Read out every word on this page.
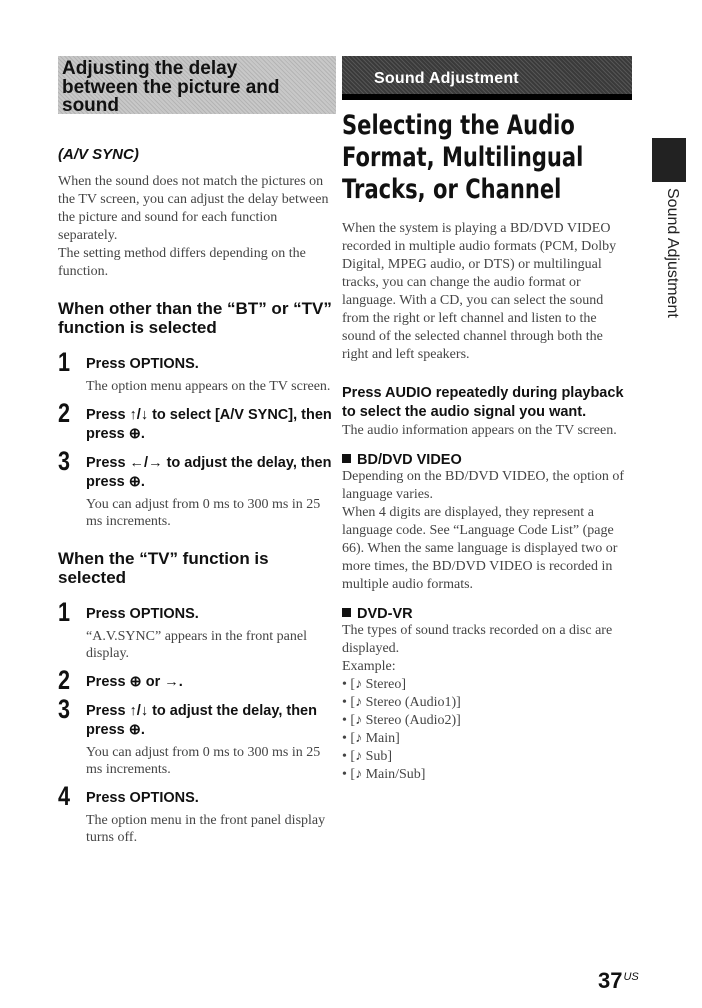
Adjusting the delay
between the picture and
sound
(A/V SYNC)
When the sound does not match the pictures on the TV screen, you can adjust the delay between the picture and sound for each function separately.
The setting method differs depending on the function.
When other than the “BT” or “TV” function is selected
1 Press OPTIONS.
The option menu appears on the TV screen.
2 Press ↑/↓ to select [A/V SYNC], then press ⊕.
3 Press ←/→ to adjust the delay, then press ⊕.
You can adjust from 0 ms to 300 ms in 25 ms increments.
When the “TV” function is selected
1 Press OPTIONS.
“A.V.SYNC” appears in the front panel display.
2 Press ⊕ or →.
3 Press ↑/↓ to adjust the delay, then press ⊕.
You can adjust from 0 ms to 300 ms in 25 ms increments.
4 Press OPTIONS.
The option menu in the front panel display turns off.
Sound Adjustment
Selecting the Audio Format, Multilingual Tracks, or Channel
When the system is playing a BD/DVD VIDEO recorded in multiple audio formats (PCM, Dolby Digital, MPEG audio, or DTS) or multilingual tracks, you can change the audio format or language. With a CD, you can select the sound from the right or left channel and listen to the sound of the selected channel through both the right and left speakers.
Press AUDIO repeatedly during playback to select the audio signal you want.
The audio information appears on the TV screen.
BD/DVD VIDEO
Depending on the BD/DVD VIDEO, the option of language varies.
When 4 digits are displayed, they represent a language code. See “Language Code List” (page 66). When the same language is displayed two or more times, the BD/DVD VIDEO is recorded in multiple audio formats.
DVD-VR
The types of sound tracks recorded on a disc are displayed.
Example:
• [♪ Stereo]
• [♪ Stereo (Audio1)]
• [♪ Stereo (Audio2)]
• [♪ Main]
• [♪ Sub]
• [♪ Main/Sub]
Sound Adjustment
$37^{US}$
